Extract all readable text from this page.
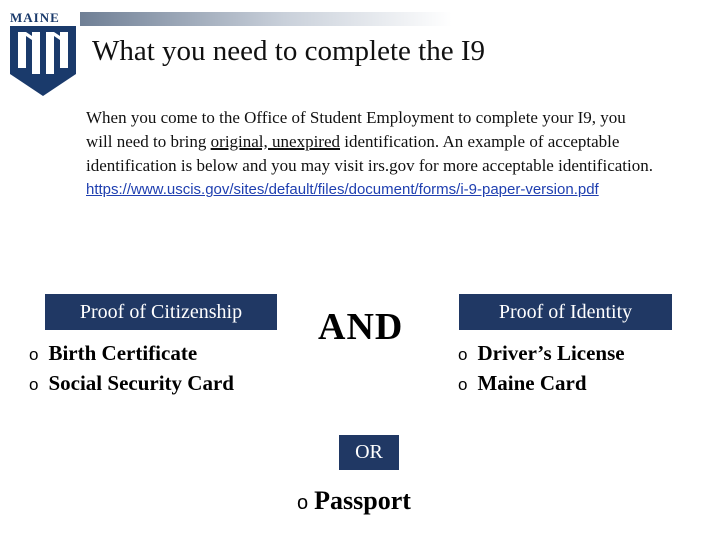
MAINE
What you need to complete the I9
When you come to the Office of Student Employment to complete your I9, you will need to bring original, unexpired identification. An example of acceptable identification is below and you may visit irs.gov for more acceptable identification.
https://www.uscis.gov/sites/default/files/document/forms/i-9-paper-version.pdf
Proof of Citizenship
o Birth Certificate
o Social Security Card
AND	Proof of Identity
o Driver’s License
o Maine Card
OR
o Passport
